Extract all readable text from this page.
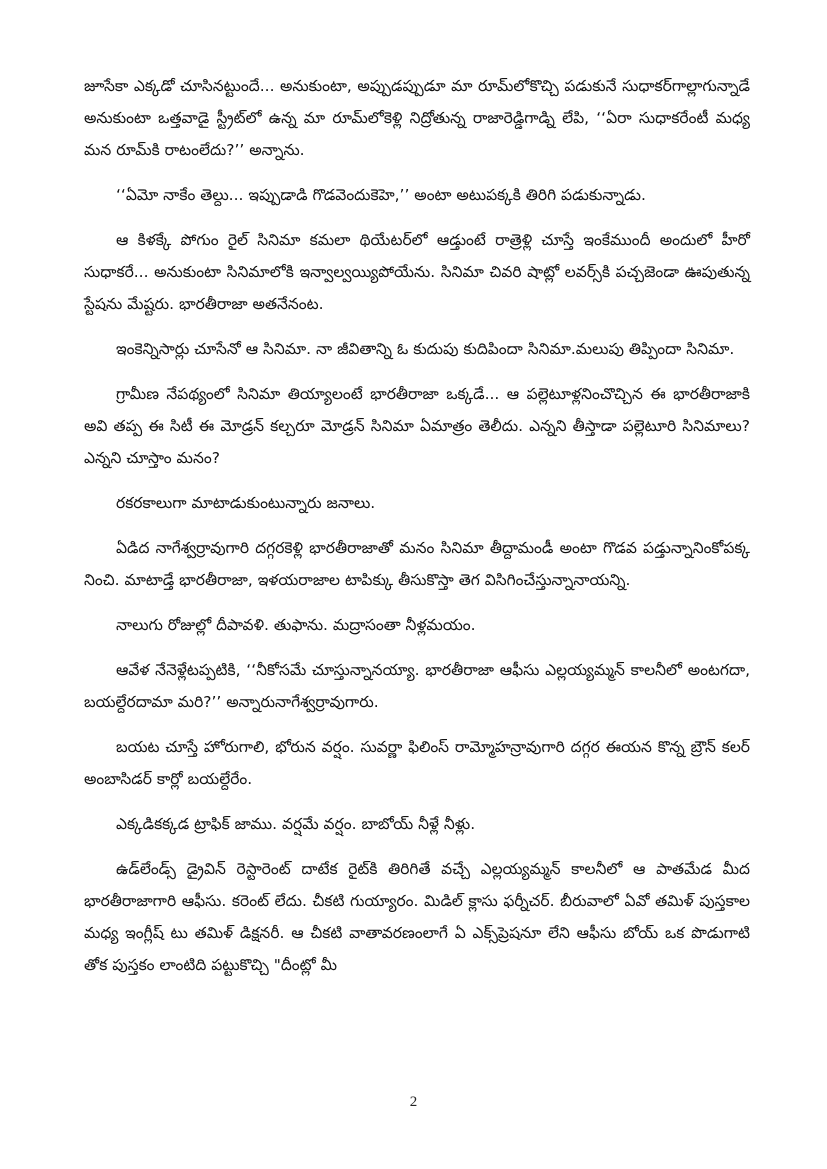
జూసేకా ఎక్కడో చూసినట్టుందే... అనుకుంటా, అప్పుడప్పుడూ మా రూమ్‌లోకొచ్చి పడుకునే సుధాకర్‌గాల్లాగున్నాడే అనుకుంటా ఒత్తవాడై స్ట్రీట్‌లో ఉన్న మా రూమ్‌లోకెళ్లి నిద్రోతున్న రాజారెడ్డిగాడ్ని లేపి, ‘‘ఏరా సుధాకరేంటీ మధ్య మన రూమ్‌కి రాటంలేదు?’’ అన్నాను.

‘‘ఏమో నాకేం తెల్దు... ఇప్పుడాడి గొడవెందుకెహె,’’ అంటా అటుపక్కకి తిరిగి పడుకున్నాడు.

ఆ కిళక్కే పోగుం రైల్ సినిమా కమలా థియేటర్‌లో ఆడ్తుంటే రాత్రెళ్లి చూస్తే ఇంకేముందీ అందులో హీరో సుధాకరే... అనుకుంటా సినిమాలోకి ఇన్వాల్వయ్యిపోయేను. సినిమా చివరి షాట్లో లవర్స్‌కి పచ్చజెండా ఊపుతున్న స్టేషను మేష్టరు. భారతీరాజా అతనేనంట.

ఇంకెన్నిసార్లు చూసేనో ఆ సినిమా. నా జీవితాన్ని ఓ కుదుపు కుదిపిందా సినిమా.మలుపు తిప్పిందా సినిమా.

గ్రామీణ నేపథ్యంలో సినిమా తియ్యాలంటే భారతీరాజా ఒక్కడే... ఆ పల్లెటూళ్లనించొచ్చిన ఈ భారతీరాజాకి అవి తప్ప ఈ సిటీ ఈ మోడ్రన్ కల్చరూ మోడ్రన్ సినిమా ఏమాత్రం తెలీదు. ఎన్నని తీస్తాడా పల్లెటూరి సినిమాలు? ఎన్నని చూస్తాం మనం?

రకరకాలుగా మాటాడుకుంటున్నారు జనాలు.

ఏడిద నాగేశ్వర్రావుగారి దగ్గరకెళ్లి భారతీరాజాతో మనం సినిమా తీద్దామండీ అంటా గొడవ పడ్తున్నానింకోపక్క నించి. మాటాడ్తే భారతీరాజా, ఇళయరాజాల టాపిక్కు తీసుకొస్తా తెగ విసిగించేస్తున్నానాయన్ని.

నాలుగు రోజుల్లో దీపావళి. తుఫాను. మద్రాసంతా నీళ్లమయం.

ఆవేళ నేనెళ్లేటప్పటికి, ‘‘నీకోసమే చూస్తున్నానయ్యా. భారతీరాజా ఆఫీసు ఎల్లయ్యమ్మన్ కాలనీలో అంటగదా, బయల్దేరదామా మరి?’’ అన్నారునాగేశ్వర్రావుగారు.

బయట చూస్తే హోరుగాలి, భోరున వర్షం. సువర్ణా ఫిలింస్ రామ్మోహన్రావుగారి దగ్గర ఈయన కొన్న బ్రౌన్ కలర్ అంబాసిడర్ కార్లో బయల్దేరేం.

ఎక్కడికక్కడ ట్రాఫిక్ జాము. వర్షమే వర్షం. బాబోయ్ నీళ్లే నీళ్లు.

ఉడ్‌లేండ్స్ డ్రైవిన్ రెస్టారెంట్ దాటేక రైట్‌కి తిరిగితే వచ్చే ఎల్లయ్యమ్మన్ కాలనీలో ఆ పాతమేడ మీద భారతీరాజాగారి ఆఫీసు. కరెంట్ లేదు. చీకటి గుయ్యారం. మిడిల్ క్లాసు ఫర్నీచర్. బీరువాలో ఏవో తమిళ్ పుస్తకాల మధ్య ఇంగ్లీష్ టు తమిళ్ డిక్షనరీ. ఆ చీకటి వాతావరణంలాగే ఏ ఎక్స్‌ప్రెషనూ లేని ఆఫీసు బోయ్ ఒక పొడుగాటి తోక పుస్తకం లాంటిది పట్టుకొచ్చి "దీంట్లో మీ

2
